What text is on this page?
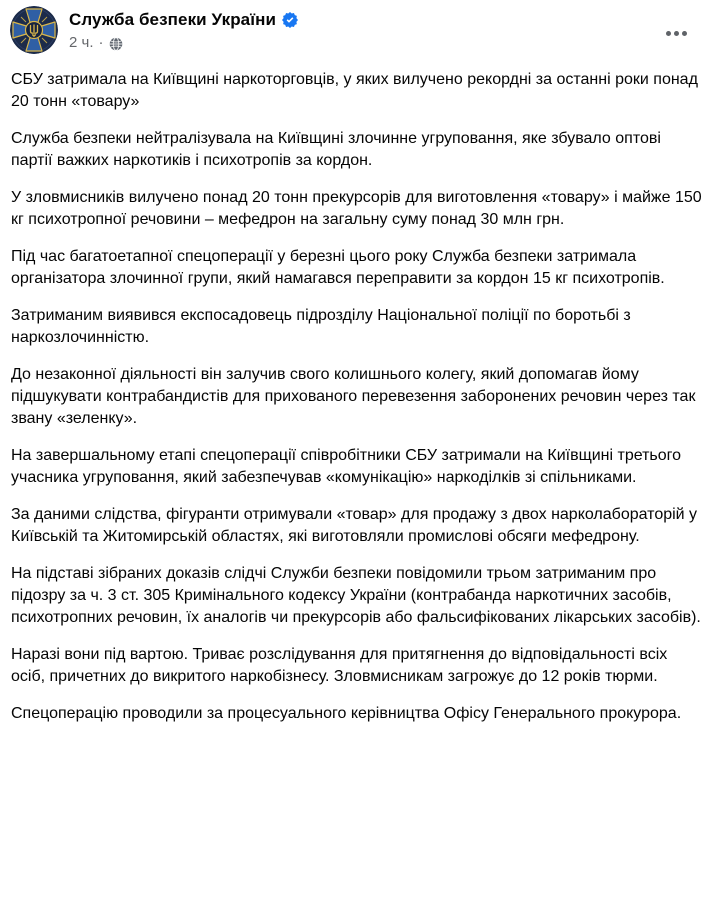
Служба безпеки України
2 ч. ·

СБУ затримала на Київщині наркоторговців, у яких вилучено рекордні за останні роки понад 20 тонн «товару»

Служба безпеки нейтралізувала на Київщині злочинне угруповання, яке збувало оптові партії важких наркотиків і психотропів за кордон.

У зловмисників вилучено понад 20 тонн прекурсорів для виготовлення «товару» і майже 150 кг психотропної речовини – мефедрон на загальну суму понад 30 млн грн.

Під час багатоетапної спецоперації у березні цього року Служба безпеки затримала організатора злочинної групи, який намагався переправити за кордон 15 кг психотропів.

Затриманим виявився експосадовець підрозділу Національної поліції по боротьбі з наркозлочинністю.

До незаконної діяльності він залучив свого колишнього колегу, який допомагав йому підшукувати контрабандистів для прихованого перевезення заборонених речовин через так звану «зеленку».

На завершальному етапі спецоперації співробітники СБУ затримали на Київщині третього учасника угруповання, який забезпечував «комунікацію» наркоділків зі спільниками.

За даними слідства, фігуранти отримували «товар» для продажу з двох нарколабораторій у Київській та Житомирській областях, які виготовляли промислові обсяги мефедрону.

На підставі зібраних доказів слідчі Служби безпеки повідомили трьом затриманим про підозру за ч. 3 ст. 305 Кримінального кодексу України (контрабанда наркотичних засобів, психотропних речовин, їх аналогів чи прекурсорів або фальсифікованих лікарських засобів).

Наразі вони під вартою. Триває розслідування для притягнення до відповідальності всіх осіб, причетних до викритого наркобізнесу. Зловмисникам загрожує до 12 років тюрми.

Спецоперацію проводили за процесуального керівництва Офісу Генерального прокурора.
